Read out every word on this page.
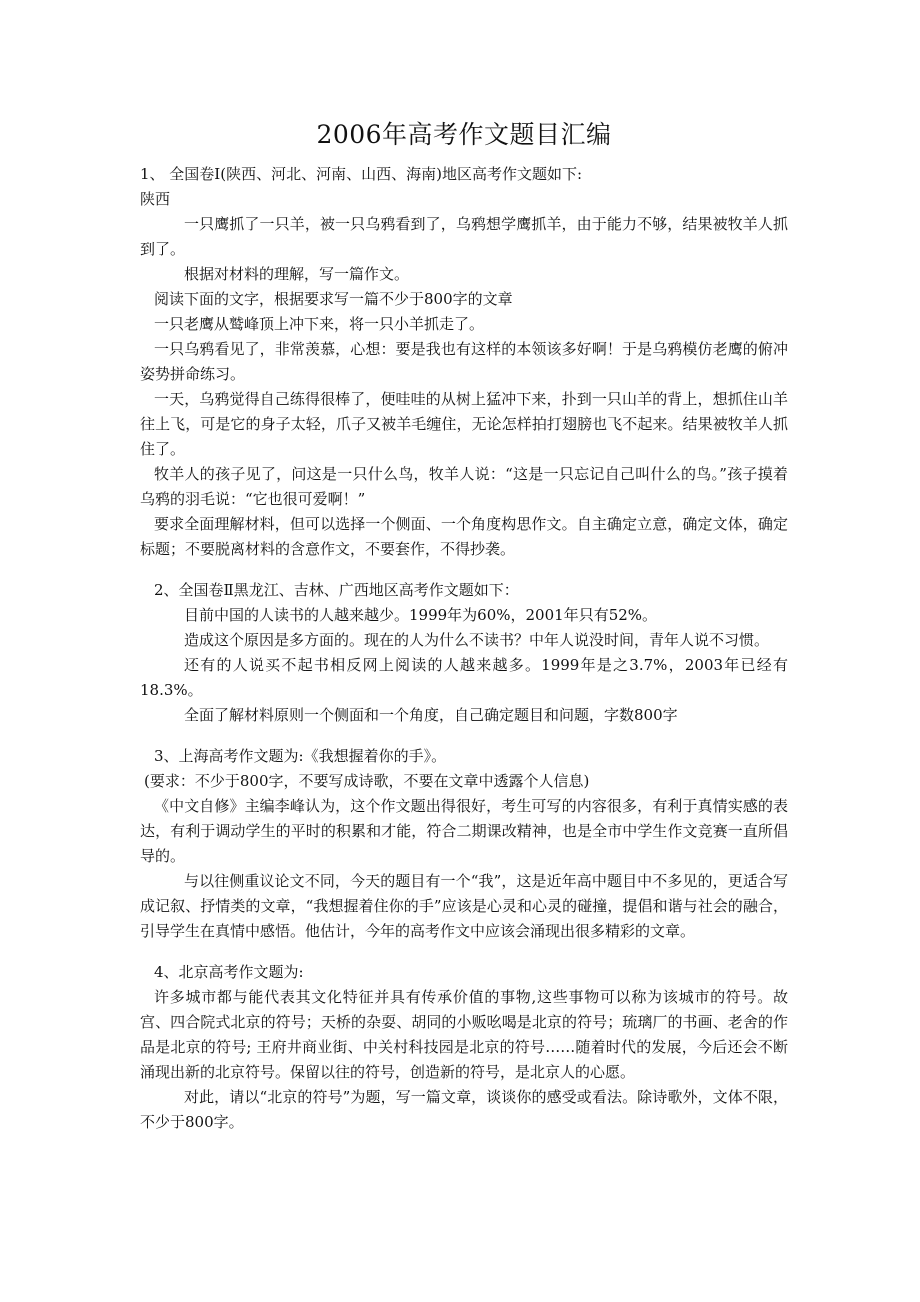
2006年高考作文题目汇编

1、 全国卷Ⅰ(陕西、河北、河南、山西、海南)地区高考作文题如下:

陕西

一只鹰抓了一只羊，被一只乌鸦看到了，乌鸦想学鹰抓羊，由于能力不够，结果被牧羊人抓到了。

根据对材料的理解，写一篇作文。

阅读下面的文字，根据要求写一篇不少于800字的文章

一只老鹰从鹫峰顶上冲下来，将一只小羊抓走了。

一只乌鸦看见了，非常羡慕，心想：要是我也有这样的本领该多好啊！于是乌鸦模仿老鹰的俯冲姿势拼命练习。

一天，乌鸦觉得自己练得很棒了，便哇哇的从树上猛冲下来，扑到一只山羊的背上，想抓住山羊往上飞，可是它的身子太轻，爪子又被羊毛缠住，无论怎样拍打翅膀也飞不起来。结果被牧羊人抓住了。

牧羊人的孩子见了，问这是一只什么鸟，牧羊人说：“这是一只忘记自己叫什么的鸟。”孩子摸着乌鸦的羽毛说：“它也很可爱啊！”

要求全面理解材料，但可以选择一个侧面、一个角度构思作文。自主确定立意，确定文体，确定标题；不要脱离材料的含意作文，不要套作，不得抄袭。

2、全国卷Ⅱ黑龙江、吉林、广西地区高考作文题如下：

目前中国的人读书的人越来越少。1999年为60%，2001年只有52%。

造成这个原因是多方面的。现在的人为什么不读书？中年人说没时间，青年人说不习惯。

还有的人说买不起书相反网上阅读的人越来越多。1999年是之3.7%，2003年已经有18.3%。

全面了解材料原则一个侧面和一个角度，自己确定题目和问题，字数800字

3、上海高考作文题为:《我想握着你的手》。

(要求：不少于800字，不要写成诗歌，不要在文章中透露个人信息)

《中文自修》主编李峰认为，这个作文题出得很好，考生可写的内容很多，有利于真情实感的表达，有利于调动学生的平时的积累和才能，符合二期课改精神，也是全市中学生作文竞赛一直所倡导的。

与以往侧重议论文不同，今天的题目有一个“我”，这是近年高中题目中不多见的，更适合写成记叙、抒情类的文章，“我想握着住你的手”应该是心灵和心灵的碰撞，提倡和谐与社会的融合，引导学生在真情中感悟。他估计，今年的高考作文中应该会涌现出很多精彩的文章。

4、北京高考作文题为:

许多城市都与能代表其文化特征并具有传承价值的事物,这些事物可以称为该城市的符号。故宫、四合院式北京的符号；天桥的杂耍、胡同的小贩吆喝是北京的符号；琉璃厂的书画、老舍的作品是北京的符号; 王府井商业街、中关村科技园是北京的符号……随着时代的发展，今后还会不断涌现出新的北京符号。保留以往的符号，创造新的符号，是北京人的心愿。

对此，请以“北京的符号”为题，写一篇文章，谈谈你的感受或看法。除诗歌外，文体不限，不少于800字。
